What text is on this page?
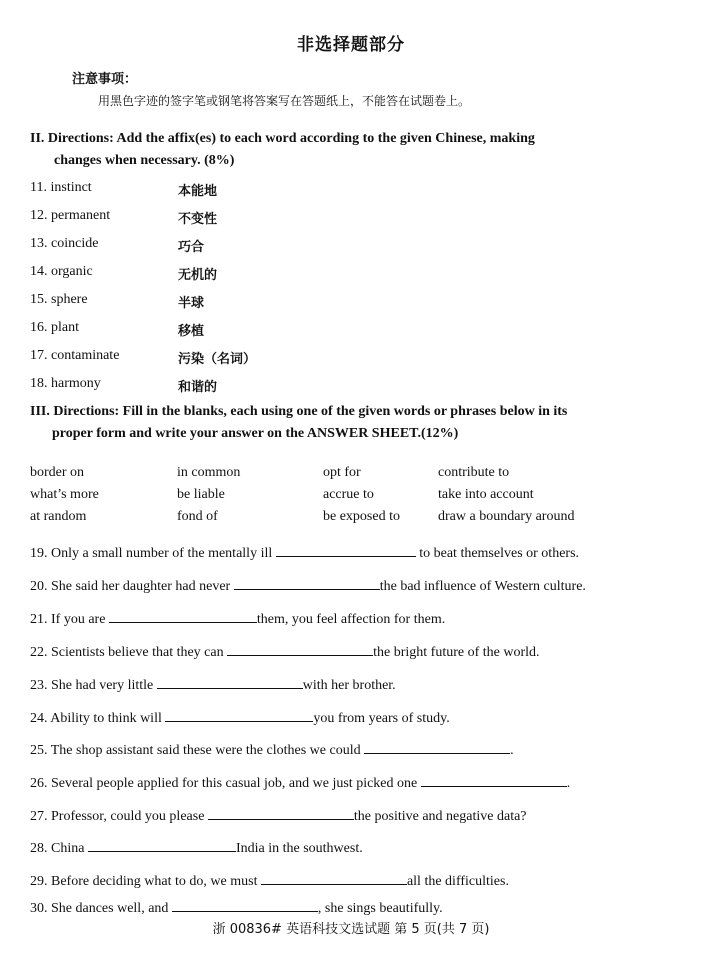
非选择题部分
注意事项：
用黑色字迹的签字笔或钢笔将答案写在答题纸上，不能答在试题卷上。
II. Directions: Add the affix(es) to each word according to the given Chinese, making
changes when necessary. (8%)
11. instinct	本能地
12. permanent	不变性
13. coincide	巧合
14. organic	无机的
15. sphere	半球
16. plant	移植
17. contaminate	污染（名词）
18. harmony	和谐的
III. Directions: Fill in the blanks, each using one of the given words or phrases below in its
proper form and write your answer on the ANSWER SHEET.(12%)
border on	in common	opt for	contribute to
what’s more	be liable	accrue to	take into account
at random	fond of	be exposed to	draw a boundary around
19. Only a small number of the mentally ill	to beat themselves or others.
20. She said her daughter had never	the bad influence of Western culture.
21. If you are	them, you feel affection for them.
22. Scientists believe that they can	the bright future of the world.
23. She had very little	with her brother.
24. Ability to think will	you from years of study.
25. The shop assistant said these were the clothes we could	.
26. Several people applied for this casual job, and we just picked one	.
27. Professor, could you please	the positive and negative data?
28. China	India in the southwest.
29. Before deciding what to do, we must	all the difficulties.
30. She dances well, and	, she sings beautifully.
浙 00836# 英语科技文选试题 第 5 页(共 7 页)
